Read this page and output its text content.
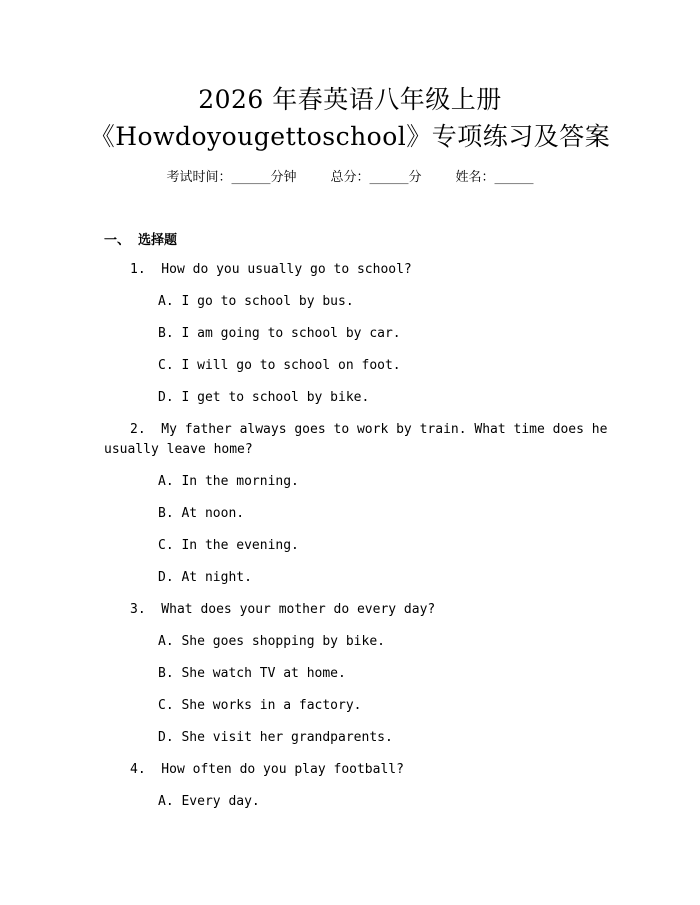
2026 年春英语八年级上册
《Howdoyougettoschool》专项练习及答案
考试时间：______分钟	总分：______分	姓名：______
一、 选择题
1.  How do you usually go to school?
A. I go to school by bus.
B. I am going to school by car.
C. I will go to school on foot.
D. I get to school by bike.
2.  My father always goes to work by train. What time does he
usually leave home?
A. In the morning.
B. At noon.
C. In the evening.
D. At night.
3.  What does your mother do every day?
A. She goes shopping by bike.
B. She watch TV at home.
C. She works in a factory.
D. She visit her grandparents.
4.  How often do you play football?
A. Every day.
